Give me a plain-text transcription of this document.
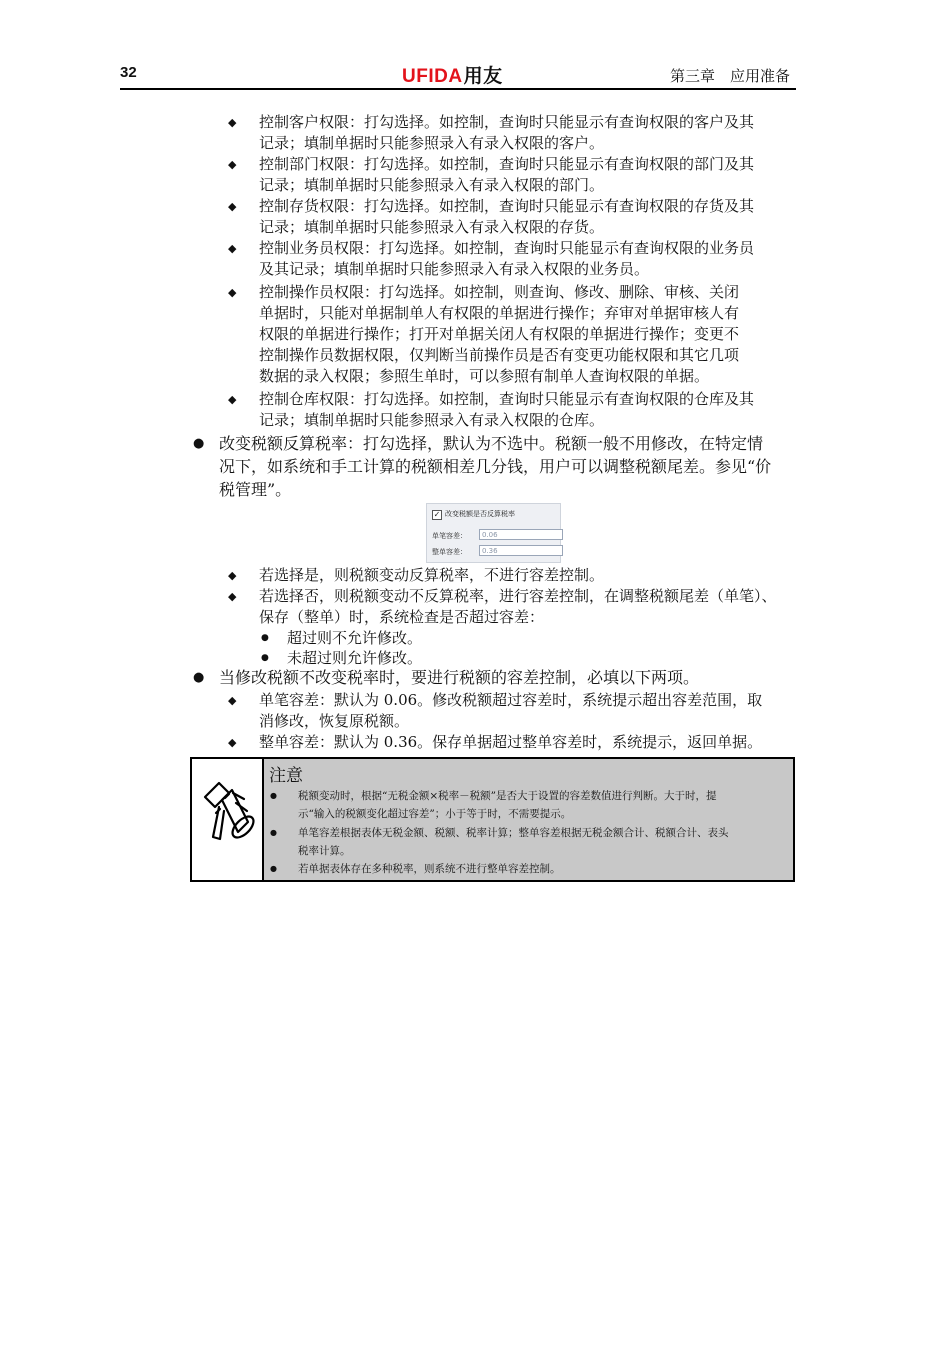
32	UFIDA用友	第三章　应用准备
◆ 控制客户权限：打勾选择。如控制，查询时只能显示有查询权限的客户及其
记录；填制单据时只能参照录入有录入权限的客户。
◆ 控制部门权限：打勾选择。如控制，查询时只能显示有查询权限的部门及其
记录；填制单据时只能参照录入有录入权限的部门。
◆ 控制存货权限：打勾选择。如控制，查询时只能显示有查询权限的存货及其
记录；填制单据时只能参照录入有录入权限的存货。
◆ 控制业务员权限：打勾选择。如控制，查询时只能显示有查询权限的业务员
及其记录；填制单据时只能参照录入有录入权限的业务员。
◆ 控制操作员权限：打勾选择。如控制，则查询、修改、删除、审核、关闭
单据时，只能对单据制单人有权限的单据进行操作；弃审对单据审核人有
权限的单据进行操作；打开对单据关闭人有权限的单据进行操作；变更不
控制操作员数据权限，仅判断当前操作员是否有变更功能权限和其它几项
数据的录入权限；参照生单时，可以参照有制单人查询权限的单据。
◆ 控制仓库权限：打勾选择。如控制，查询时只能显示有查询权限的仓库及其
记录；填制单据时只能参照录入有录入权限的仓库。
● 改变税额反算税率：打勾选择，默认为不选中。税额一般不用修改，在特定情
况下，如系统和手工计算的税额相差几分钱，用户可以调整税额尾差。参见“价
税管理”。
✓ 改变税额是否反算税率
单笔容差：	0.06
整单容差：	0.36
◆ 若选择是，则税额变动反算税率，不进行容差控制。
◆ 若选择否，则税额变动不反算税率，进行容差控制，在调整税额尾差（单笔）、
保存（整单）时，系统检查是否超过容差：
● 超过则不允许修改。
● 未超过则允许修改。
● 当修改税额不改变税率时，要进行税额的容差控制，必填以下两项。
◆ 单笔容差：默认为 0.06。修改税额超过容差时，系统提示超出容差范围，取
消修改，恢复原税额。
◆ 整单容差：默认为 0.36。保存单据超过整单容差时，系统提示，返回单据。
注意
● 税额变动时，根据“无税金额×税率－税额”是否大于设置的容差数值进行判断。大于时，提
示“输入的税额变化超过容差”；小于等于时，不需要提示。
● 单笔容差根据表体无税金额、税额、税率计算；整单容差根据无税金额合计、税额合计、表头
税率计算。
● 若单据表体存在多种税率，则系统不进行整单容差控制。
